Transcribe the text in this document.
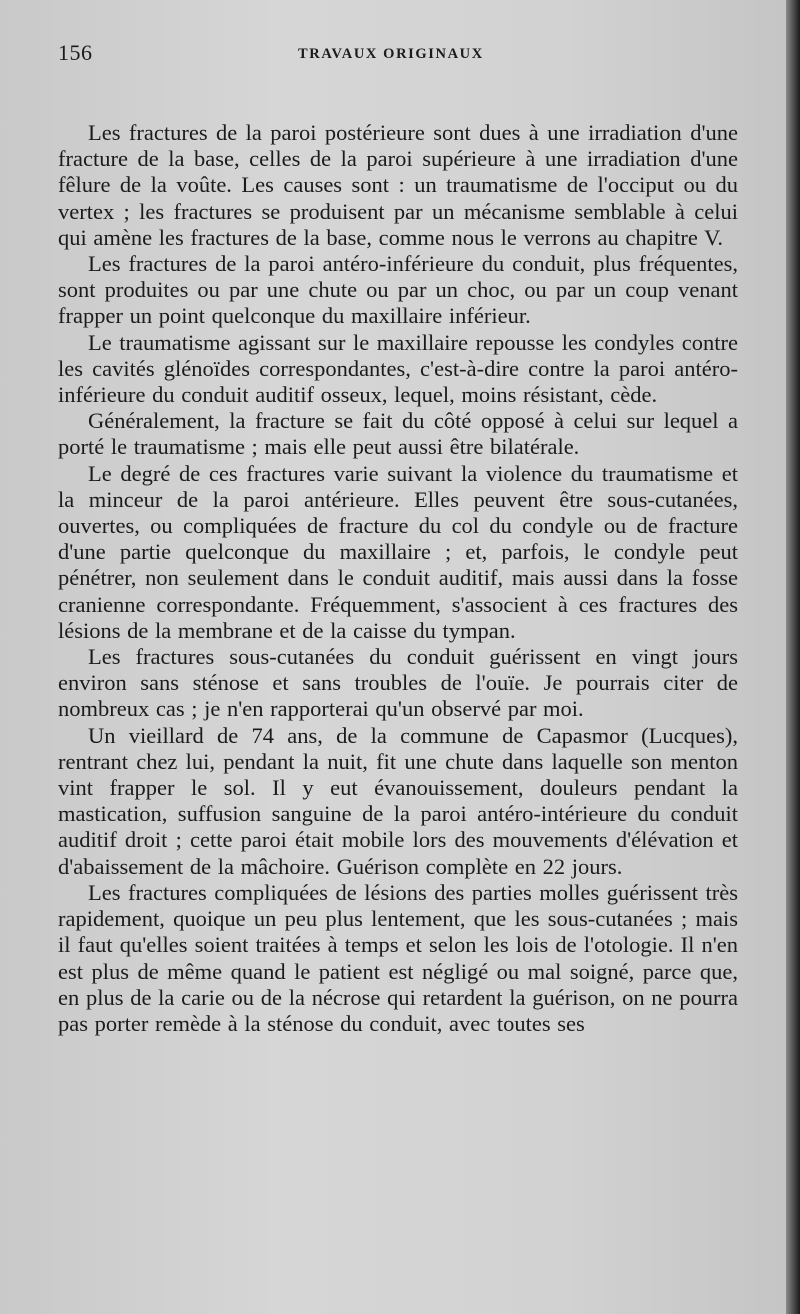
156	TRAVAUX ORIGINAUX

Les fractures de la paroi postérieure sont dues à une irradiation d'une fracture de la base, celles de la paroi supérieure à une irradiation d'une fêlure de la voûte. Les causes sont : un traumatisme de l'occiput ou du vertex ; les fractures se produisent par un mécanisme semblable à celui qui amène les fractures de la base, comme nous le verrons au chapitre V.

Les fractures de la paroi antéro-inférieure du conduit, plus fréquentes, sont produites ou par une chute ou par un choc, ou par un coup venant frapper un point quelconque du maxillaire inférieur.

Le traumatisme agissant sur le maxillaire repousse les condyles contre les cavités glénoïdes correspondantes, c'est-à-dire contre la paroi antéro-inférieure du conduit auditif osseux, lequel, moins résistant, cède.

Généralement, la fracture se fait du côté opposé à celui sur lequel a porté le traumatisme ; mais elle peut aussi être bilatérale.

Le degré de ces fractures varie suivant la violence du traumatisme et la minceur de la paroi antérieure. Elles peuvent être sous-cutanées, ouvertes, ou compliquées de fracture du col du condyle ou de fracture d'une partie quelconque du maxillaire ; et, parfois, le condyle peut pénétrer, non seulement dans le conduit auditif, mais aussi dans la fosse cranienne correspondante. Fréquemment, s'associent à ces fractures des lésions de la membrane et de la caisse du tympan.

Les fractures sous-cutanées du conduit guérissent en vingt jours environ sans sténose et sans troubles de l'ouïe. Je pourrais citer de nombreux cas ; je n'en rapporterai qu'un observé par moi.

Un vieillard de 74 ans, de la commune de Capasmor (Lucques), rentrant chez lui, pendant la nuit, fit une chute dans laquelle son menton vint frapper le sol. Il y eut évanouissement, douleurs pendant la mastication, suffusion sanguine de la paroi antéro-intérieure du conduit auditif droit ; cette paroi était mobile lors des mouvements d'élévation et d'abaissement de la mâchoire. Guérison complète en 22 jours.

Les fractures compliquées de lésions des parties molles guérissent très rapidement, quoique un peu plus lentement, que les sous-cutanées ; mais il faut qu'elles soient traitées à temps et selon les lois de l'otologie. Il n'en est plus de même quand le patient est négligé ou mal soigné, parce que, en plus de la carie ou de la nécrose qui retardent la guérison, on ne pourra pas porter remède à la sténose du conduit, avec toutes ses
